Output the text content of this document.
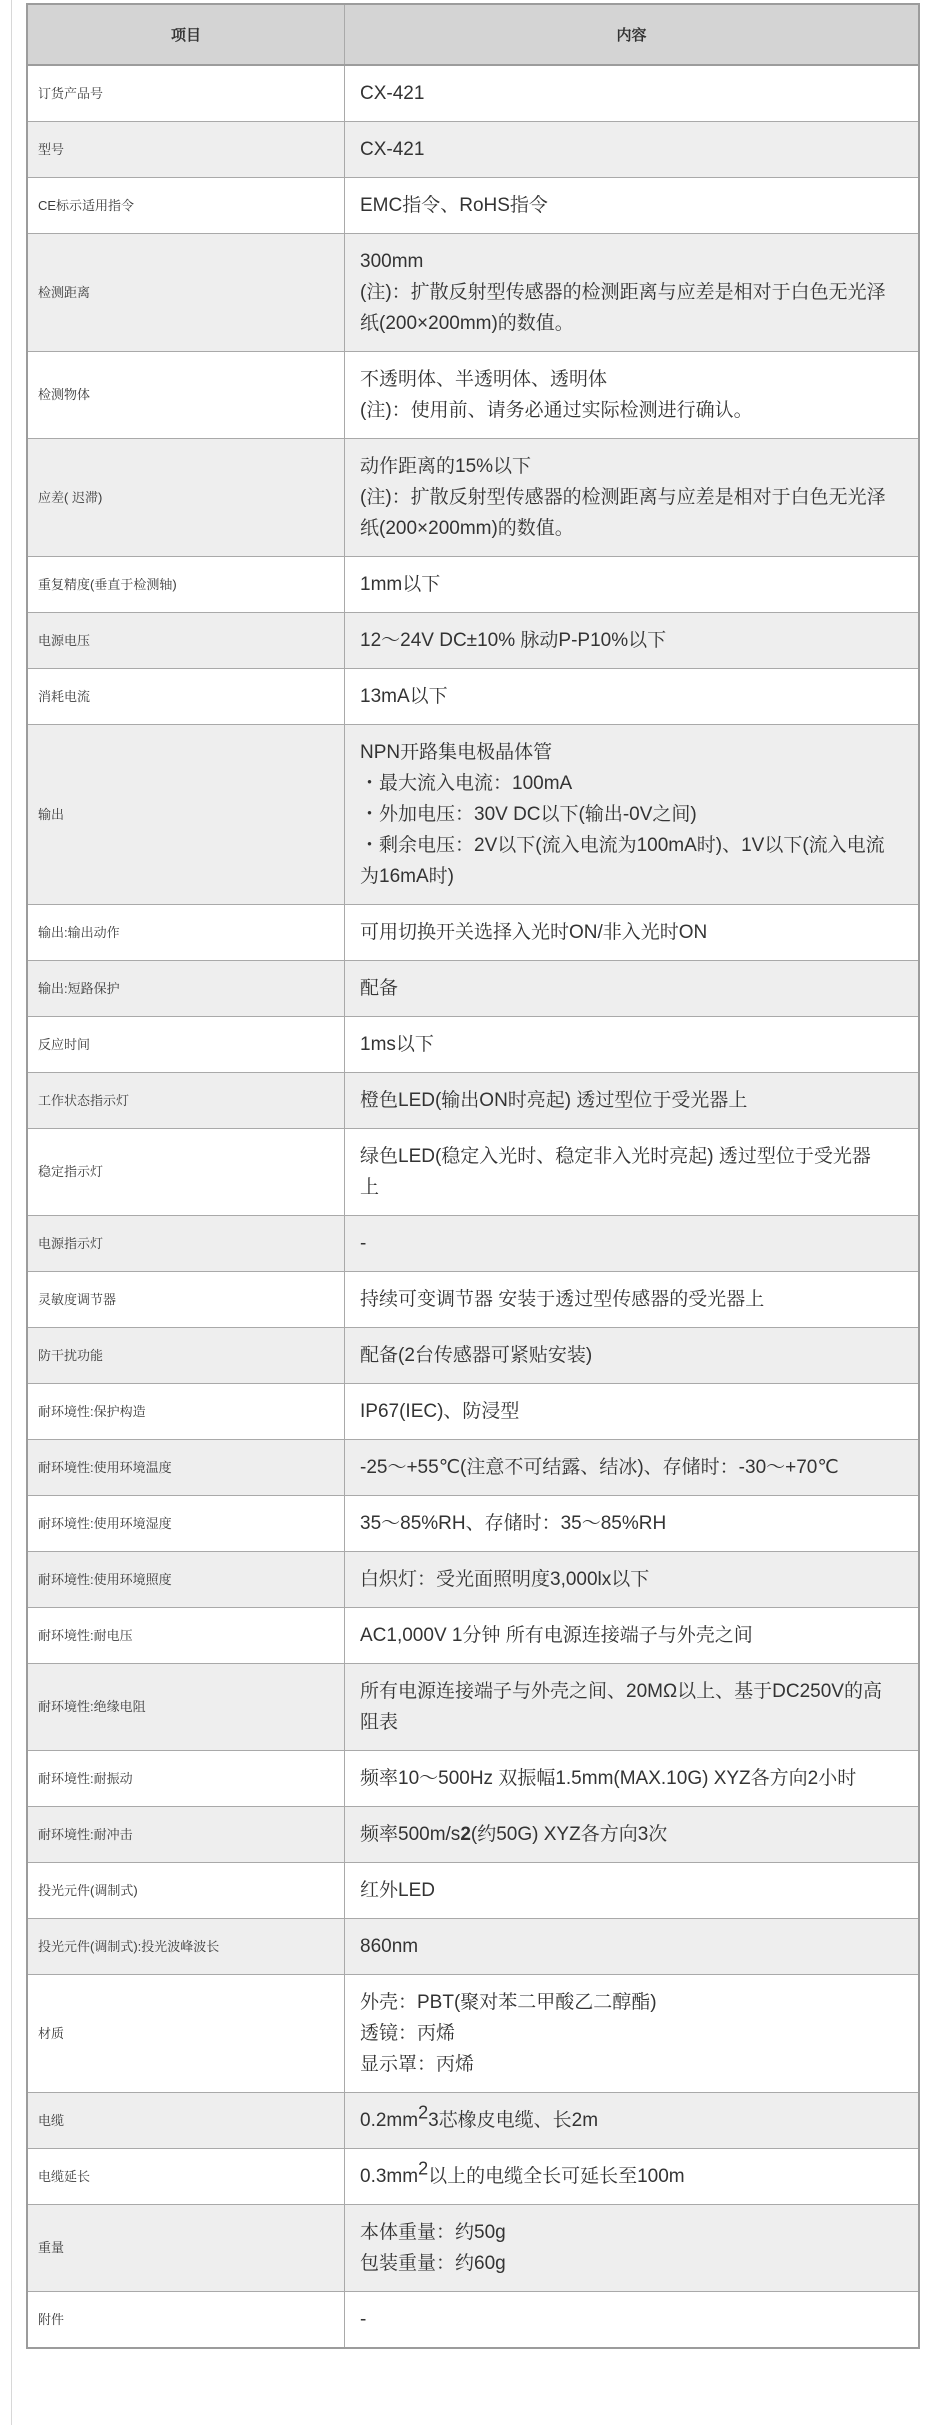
项目	内容
订货产品号	CX-421

型号	CX-421

CE标示适用指令	EMC指令、RoHS指令

检测距离	300mm
(注)：扩散反射型传感器的检测距离与应差是相对于白色无光泽纸(200×200mm)的数值。

检测物体	不透明体、半透明体、透明体
(注)：使用前、请务必通过实际检测进行确认。

应差( 迟滞)	动作距离的15%以下
(注)：扩散反射型传感器的检测距离与应差是相对于白色无光泽纸(200×200mm)的数值。

重复精度(垂直于检测轴)	1mm以下

电源电压	12～24V DC±10% 脉动P-P10%以下

消耗电流	13mA以下

输出	NPN开路集电极晶体管
・最大流入电流：100mA
・外加电压：30V DC以下(输出-0V之间)
・剩余电压：2V以下(流入电流为100mA时)、1V以下(流入电流为16mA时)

输出:输出动作	可用切换开关选择入光时ON/非入光时ON

输出:短路保护	配备

反应时间	1ms以下

工作状态指示灯	橙色LED(输出ON时亮起) 透过型位于受光器上

稳定指示灯	绿色LED(稳定入光时、稳定非入光时亮起) 透过型位于受光器上

电源指示灯	-

灵敏度调节器	持续可变调节器 安装于透过型传感器的受光器上

防干扰功能	配备(2台传感器可紧贴安装)

耐环境性:保护构造	IP67(IEC)、防浸型

耐环境性:使用环境温度	-25～+55℃(注意不可结露、结冰)、存储时：-30～+70℃

耐环境性:使用环境湿度	35～85%RH、存储时：35～85%RH

耐环境性:使用环境照度	白炽灯：受光面照明度3,000lx以下

耐环境性:耐电压	AC1,000V 1分钟 所有电源连接端子与外壳之间

耐环境性:绝缘电阻	所有电源连接端子与外壳之间、20MΩ以上、基于DC250V的高阻表

耐环境性:耐振动	频率10～500Hz 双振幅1.5mm(MAX.10G) XYZ各方向2小时

耐环境性:耐冲击	频率500m/s2(约50G) XYZ各方向3次

投光元件(调制式)	红外LED

投光元件(调制式):投光波峰波长	860nm

材质	外壳：PBT(聚对苯二甲酸乙二醇酯)
透镜：丙烯
显示罩：丙烯

电缆	0.2mm23芯橡皮电缆、长2m

电缆延长	0.3mm2以上的电缆全长可延长至100m

重量	本体重量：约50g
包装重量：约60g

附件	-
